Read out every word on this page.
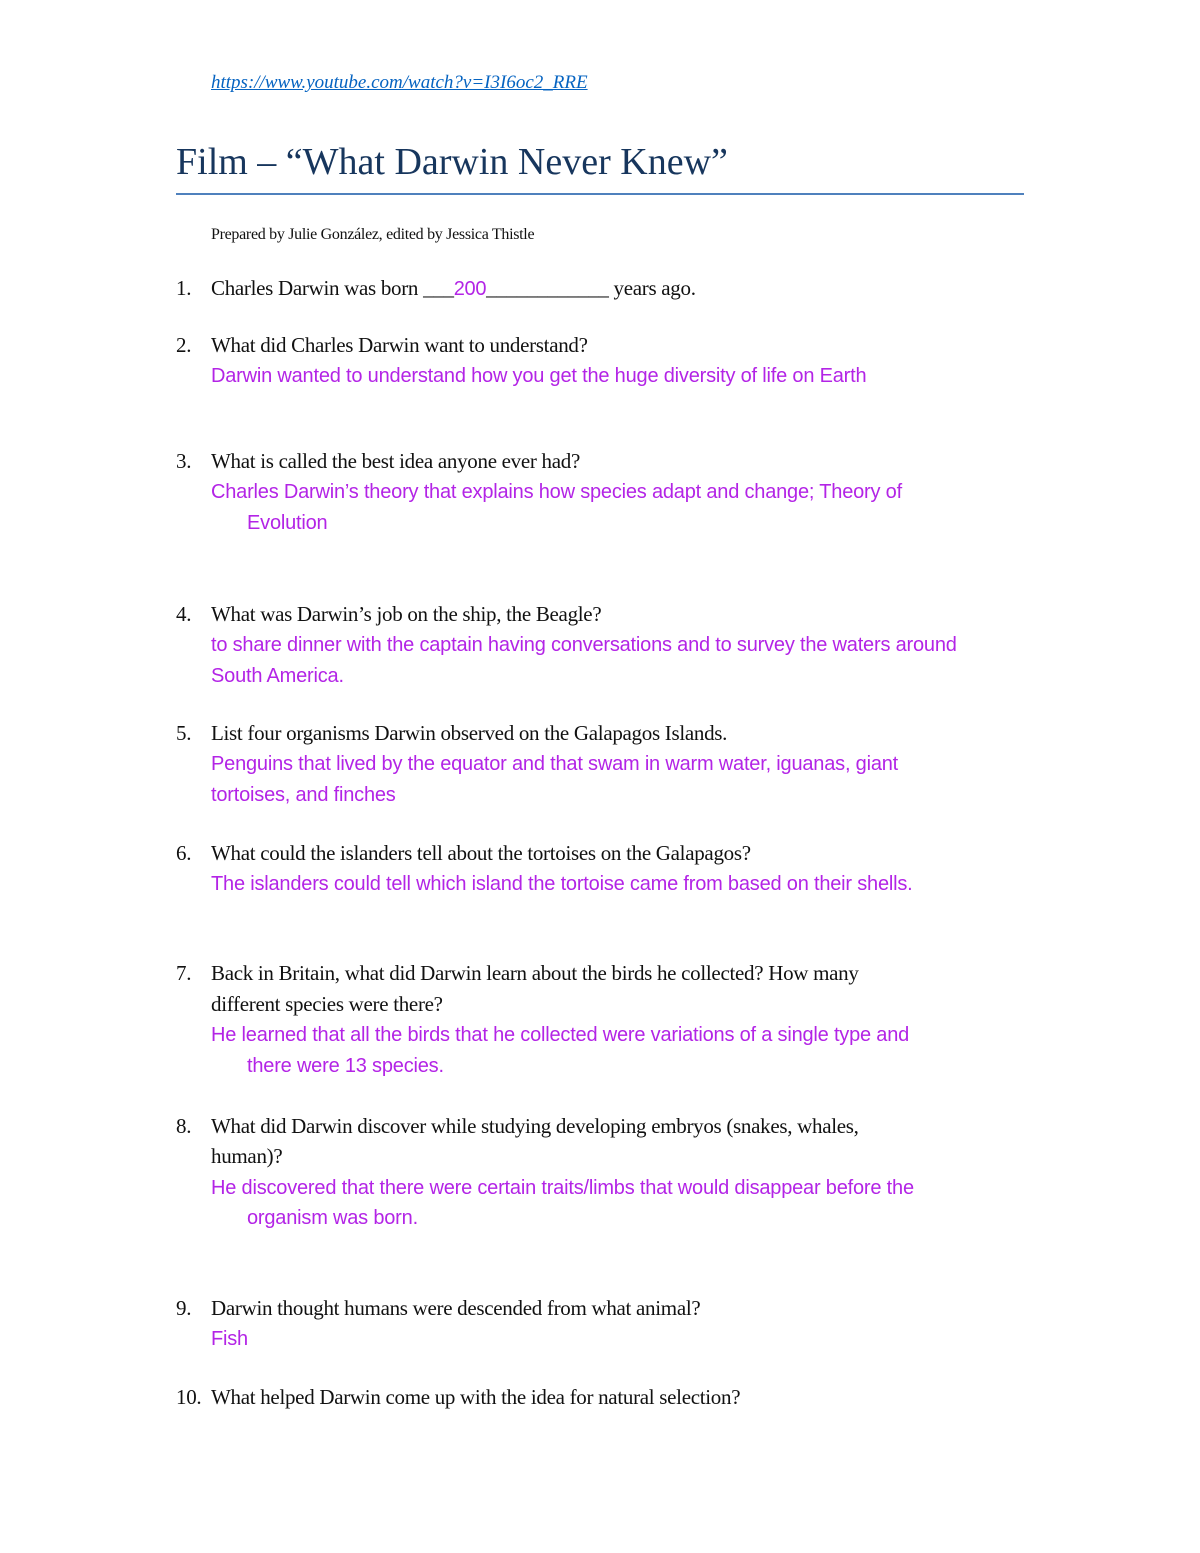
https://www.youtube.com/watch?v=I3I6oc2_RRE
Film – “What Darwin Never Knew”
Prepared by Julie González, edited by Jessica Thistle
1. Charles Darwin was born ___200____________ years ago.
2. What did Charles Darwin want to understand?
Darwin wanted to understand how you get the huge diversity of life on Earth
3. What is called the best idea anyone ever had?
Charles Darwin’s theory that explains how species adapt and change; Theory of
Evolution
4. What was Darwin’s job on the ship, the Beagle?
to share dinner with the captain having conversations and to survey the waters around
South America.
5. List four organisms Darwin observed on the Galapagos Islands.
Penguins that lived by the equator and that swam in warm water, iguanas, giant
tortoises, and finches
6. What could the islanders tell about the tortoises on the Galapagos?
The islanders could tell which island the tortoise came from based on their shells.
7. Back in Britain, what did Darwin learn about the birds he collected? How many
different species were there?
He learned that all the birds that he collected were variations of a single type and
there were 13 species.
8. What did Darwin discover while studying developing embryos (snakes, whales,
human)?
He discovered that there were certain traits/limbs that would disappear before the
organism was born.
9. Darwin thought humans were descended from what animal?
Fish
10. What helped Darwin come up with the idea for natural selection?
